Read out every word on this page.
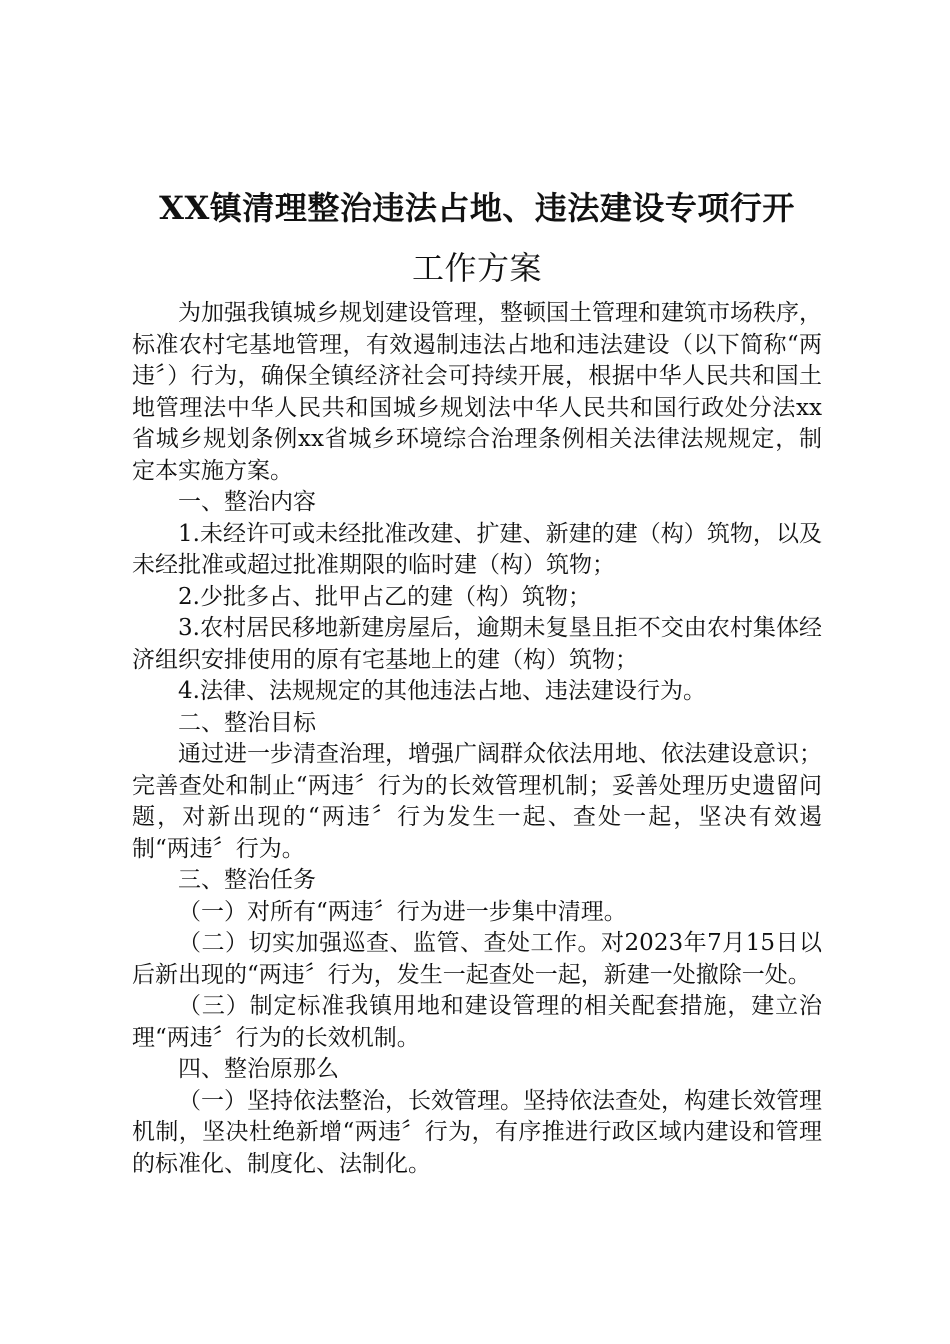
XX镇清理整治违法占地、违法建设专项行开
工作方案

为加强我镇城乡规划建设管理，整顿国土管理和建筑市场秩序，标准农村宅基地管理，有效遏制违法占地和违法建设（以下简称“两违〞）行为，确保全镇经济社会可持续开展，根据中华人民共和国土地管理法中华人民共和国城乡规划法中华人民共和国行政处分法xx省城乡规划条例xx省城乡环境综合治理条例相关法律法规规定，制定本实施方案。

一、整治内容

1.未经许可或未经批准改建、扩建、新建的建（构）筑物，以及未经批准或超过批准期限的临时建（构）筑物；

2.少批多占、批甲占乙的建（构）筑物；

3.农村居民移地新建房屋后，逾期未复垦且拒不交由农村集体经济组织安排使用的原有宅基地上的建（构）筑物；

4.法律、法规规定的其他违法占地、违法建设行为。

二、整治目标

通过进一步清查治理，增强广阔群众依法用地、依法建设意识；完善查处和制止“两违〞行为的长效管理机制；妥善处理历史遗留问题，对新出现的“两违〞行为发生一起、查处一起，坚决有效遏制“两违〞行为。

三、整治任务

（一）对所有“两违〞行为进一步集中清理。

（二）切实加强巡查、监管、查处工作。对2023年7月15日以后新出现的“两违〞行为，发生一起查处一起，新建一处撤除一处。

（三）制定标准我镇用地和建设管理的相关配套措施，建立治理“两违〞行为的长效机制。

四、整治原那么

（一）坚持依法整治，长效管理。坚持依法查处，构建长效管理机制，坚决杜绝新增“两违〞行为，有序推进行政区域内建设和管理的标准化、制度化、法制化。
